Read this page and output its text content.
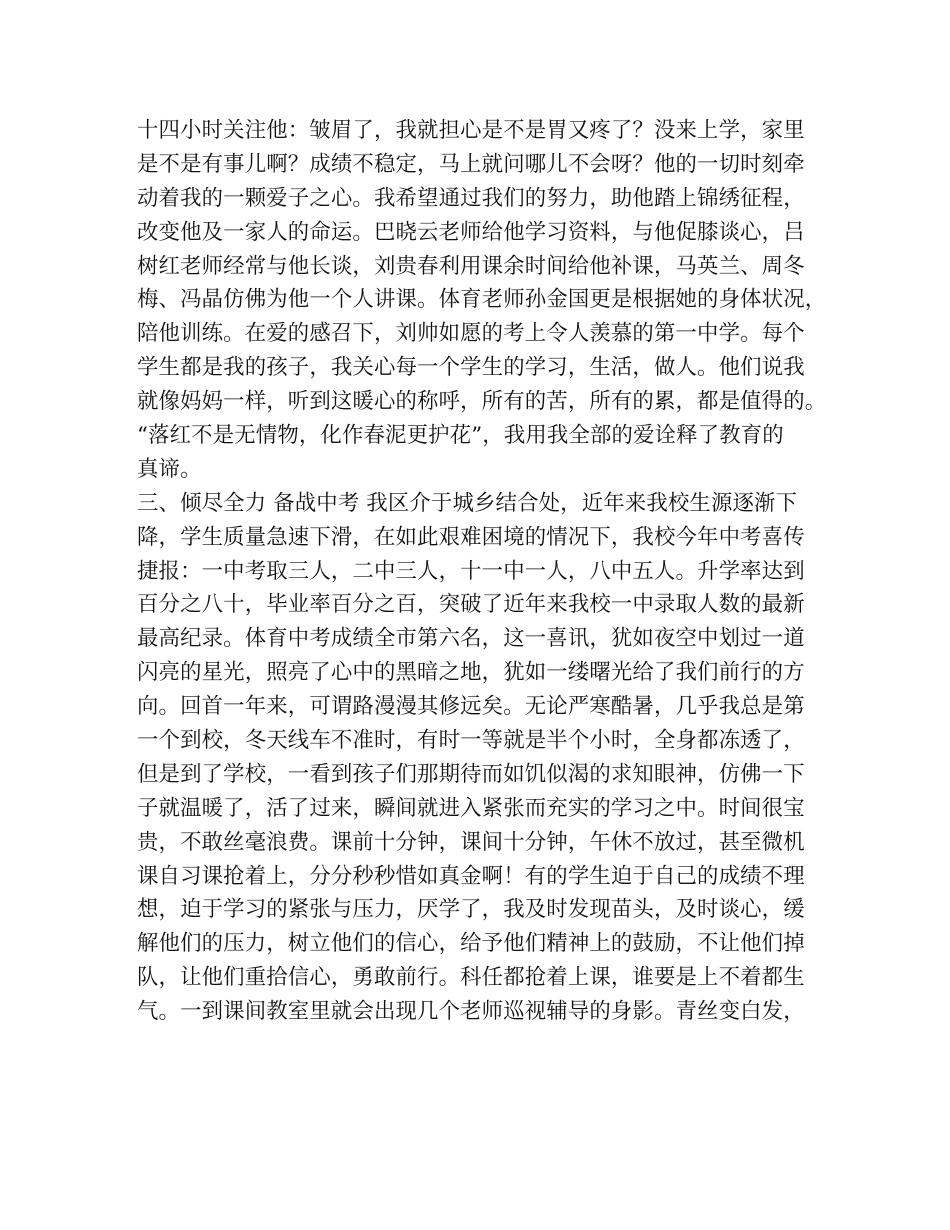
十四小时关注他：皱眉了，我就担心是不是胃又疼了？没来上学，家里
是不是有事儿啊？成绩不稳定，马上就问哪儿不会呀？他的一切时刻牵
动着我的一颗爱子之心。我希望通过我们的努力，助他踏上锦绣征程，
改变他及一家人的命运。巴晓云老师给他学习资料，与他促膝谈心，吕
树红老师经常与他长谈，刘贵春利用课余时间给他补课，马英兰、周冬
梅、冯晶仿佛为他一个人讲课。体育老师孙金国更是根据她的身体状况，
陪他训练。在爱的感召下，刘帅如愿的考上令人羡慕的第一中学。每个
学生都是我的孩子，我关心每一个学生的学习，生活，做人。他们说我
就像妈妈一样，听到这暖心的称呼，所有的苦，所有的累，都是值得的。
“落红不是无情物，化作春泥更护花”，我用我全部的爱诠释了教育的
真谛。
三、倾尽全力 备战中考 我区介于城乡结合处，近年来我校生源逐渐下
降，学生质量急速下滑，在如此艰难困境的情况下，我校今年中考喜传
捷报：一中考取三人，二中三人，十一中一人，八中五人。升学率达到
百分之八十，毕业率百分之百，突破了近年来我校一中录取人数的最新
最高纪录。体育中考成绩全市第六名，这一喜讯，犹如夜空中划过一道
闪亮的星光，照亮了心中的黑暗之地，犹如一缕曙光给了我们前行的方
向。回首一年来，可谓路漫漫其修远矣。无论严寒酷暑，几乎我总是第
一个到校，冬天线车不准时，有时一等就是半个小时，全身都冻透了，
但是到了学校，一看到孩子们那期待而如饥似渴的求知眼神，仿佛一下
子就温暖了，活了过来，瞬间就进入紧张而充实的学习之中。时间很宝
贵，不敢丝毫浪费。课前十分钟，课间十分钟，午休不放过，甚至微机
课自习课抢着上，分分秒秒惜如真金啊！有的学生迫于自己的成绩不理
想，迫于学习的紧张与压力，厌学了，我及时发现苗头，及时谈心，缓
解他们的压力，树立他们的信心，给予他们精神上的鼓励，不让他们掉
队，让他们重拾信心，勇敢前行。科任都抢着上课，谁要是上不着都生
气。一到课间教室里就会出现几个老师巡视辅导的身影。青丝变白发，
